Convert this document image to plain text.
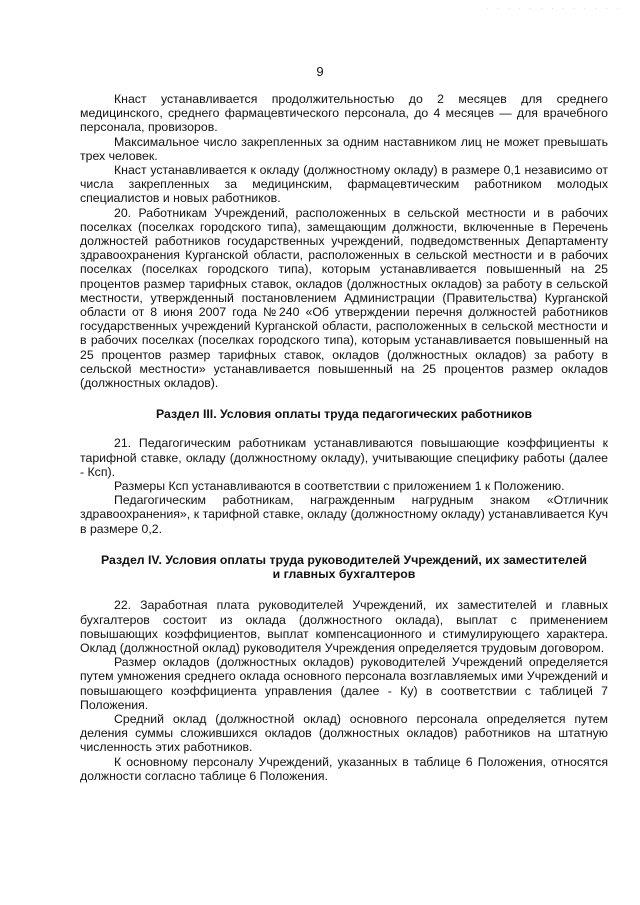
· · · · · · · · · · · · ·
9

Кнаст устанавливается продолжительностью до 2 месяцев для среднего медицинского, среднего фармацевтического персонала, до 4 месяцев — для врачебного персонала, провизоров.

Максимальное число закрепленных за одним наставником лиц не может превышать трех человек.

Кнаст устанавливается к окладу (должностному окладу) в размере 0,1 независимо от числа закрепленных за медицинским, фармацевтическим работником молодых специалистов и новых работников.

20. Работникам Учреждений, расположенных в сельской местности и в рабочих поселках (поселках городского типа), замещающим должности, включенные в Перечень должностей работников государственных учреждений, подведомственных Департаменту здравоохранения Курганской области, расположенных в сельской местности и в рабочих поселках (поселках городского типа), которым устанавливается повышенный на 25 процентов размер тарифных ставок, окладов (должностных окладов) за работу в сельской местности, утвержденный постановлением Администрации (Правительства) Курганской области от 8 июня 2007 года №240 «Об утверждении перечня должностей работников государственных учреждений Курганской области, расположенных в сельской местности и в рабочих поселках (поселках городского типа), которым устанавливается повышенный на 25 процентов размер тарифных ставок, окладов (должностных окладов) за работу в сельской местности» устанавливается повышенный на 25 процентов размер окладов (должностных окладов).

Раздел III. Условия оплаты труда педагогических работников

21. Педагогическим работникам устанавливаются повышающие коэффициенты к тарифной ставке, окладу (должностному окладу), учитывающие специфику работы (далее - Ксп).

Размеры Ксп устанавливаются в соответствии с приложением 1 к Положению.

Педагогическим работникам, награжденным нагрудным знаком «Отличник здравоохранения», к тарифной ставке, окладу (должностному окладу) устанавливается Куч в размере 0,2.

Раздел IV. Условия оплаты труда руководителей Учреждений, их заместителей
и главных бухгалтеров

22. Заработная плата руководителей Учреждений, их заместителей и главных бухгалтеров состоит из оклада (должностного оклада), выплат с применением повышающих коэффициентов, выплат компенсационного и стимулирующего характера. Оклад (должностной оклад) руководителя Учреждения определяется трудовым договором.

Размер окладов (должностных окладов) руководителей Учреждений определяется путем умножения среднего оклада основного персонала возглавляемых ими Учреждений и повышающего коэффициента управления (далее - Ку) в соответствии с таблицей 7 Положения.

Средний оклад (должностной оклад) основного персонала определяется путем деления суммы сложившихся окладов (должностных окладов) работников на штатную численность этих работников.

К основному персоналу Учреждений, указанных в таблице 6 Положения, относятся должности согласно таблице 6 Положения.
